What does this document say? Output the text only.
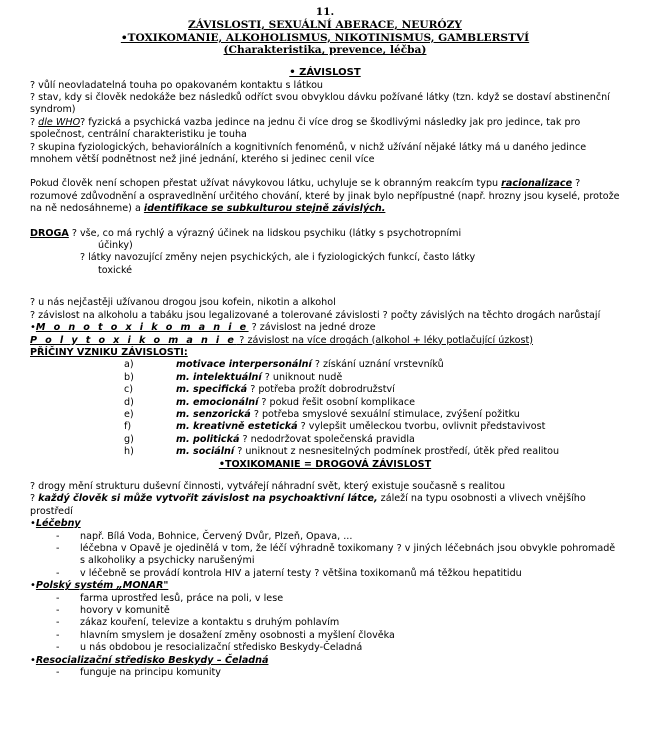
11.
ZÁVISLOSTI, SEXUÁLNÍ ABERACE, NEURÓZY
•TOXIKOMANIE, ALKOHOLISMUS, NIKOTINISMUS, GAMBLERSTVÍ
(Charakteristika, prevence, léčba)
• ZÁVISLOST

? vůlí neovladatelná touha po opakovaném kontaktu s látkou

? stav, kdy si člověk nedokáže bez následků odříct svou obvyklou dávku požívané látky (tzn. když se dostaví abstinenční syndrom)

? dle WHO? fyzická a psychická vazba jedince na jednu či více drog se škodlivými následky jak pro jedince, tak pro společnost, centrální charakteristiku je touha

? skupina fyziologických, behaviorálních a kognitivních fenoménů, v nichž užívání nějaké látky má u daného jedince mnohem větší podnětnost než jiné jednání, kterého si jedinec cenil více

Pokud člověk není schopen přestat užívat návykovou látku, uchyluje se k obranným reakcím typu racionalizace ? rozumové zdůvodnění a ospravedlnění určitého chování, které by jinak bylo nepřípustné (např. hrozny jsou kyselé, protože na ně nedosáhneme) a identifikace se subkulturou stejně závislých.

DROGA ? vše, co má rychlý a výrazný účinek na lidskou psychiku (látky s psychotropními

účinky)

? látky navozující změny nejen psychických, ale i fyziologických funkcí, často látky

toxické

? u nás nejčastěji užívanou drogou jsou kofein, nikotin a alkohol

? závislost na alkoholu a tabáku jsou legalizované a tolerované závislosti ? počty závislých na těchto drogách narůstají

•M o n o t o x i k o m a n i e ? závislost na jedné droze

P o l y t o x i k o m a n i e ? závislost na více drogách (alkohol + léky potlačující úzkost)

PŘÍČINY VZNIKU ZÁVISLOSTI:

a)	motivace interpersonální ? získání uznání vrstevníků
b)	m. intelektuální ? uniknout nudě
c)	m. specifická ? potřeba prožít dobrodružství
d)	m. emocionální ? pokud řešit osobní komplikace
e)	m. senzorická ? potřeba smyslové sexuální stimulace, zvýšení požitku
f)	m. kreativně estetická ? vylepšit uměleckou tvorbu, ovlivnit představivost
g)	m. politická ? nedodržovat společenská pravidla
h)	m. sociální ? uniknout z nesnesitelných podmínek prostředí, útěk před realitou
•TOXIKOMANIE = DROGOVÁ ZÁVISLOST

? drogy mění strukturu duševní činnosti, vytvářejí náhradní svět, který existuje současně s realitou

? každý člověk si může vytvořit závislost na psychoaktivní látce, záleží na typu osobnosti a vlivech vnějšího prostředí

•Léčebny

- např. Bílá Voda, Bohnice, Červený Dvůr, Plzeň, Opava, ...
- léčebna v Opavě je ojedinělá v tom, že léčí výhradně toxikomany ? v jiných léčebnách jsou obvykle pohromadě s alkoholiky a psychicky narušenými
- v léčebně se provádí kontrola HIV a jaterní testy ? většina toxikomanů má těžkou hepatitidu

•Polský systém „MONAR"

- farma uprostřed lesů, práce na poli, v lese
- hovory v komunitě
- zákaz kouření, televize a kontaktu s druhým pohlavím
- hlavním smyslem je dosažení změny osobnosti a myšlení člověka
- u nás obdobou je resocializační středisko Beskydy-Čeladná

•Resocializační středisko Beskydy – Čeladná

- funguje na principu komunity
